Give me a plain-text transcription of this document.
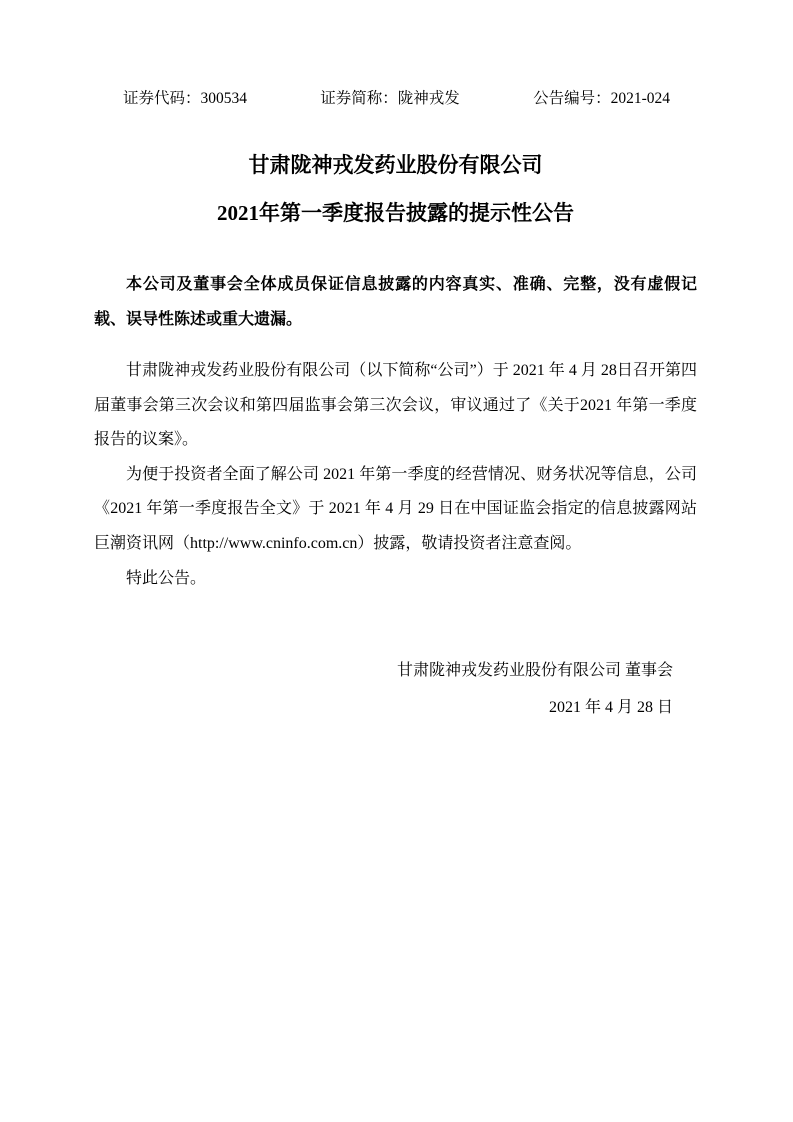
证券代码：300534	证券简称：陇神戎发	公告编号：2021-024
甘肃陇神戎发药业股份有限公司
2021年第一季度报告披露的提示性公告

本公司及董事会全体成员保证信息披露的内容真实、准确、完整，没有虚假记载、误导性陈述或重大遗漏。

甘肃陇神戎发药业股份有限公司（以下简称“公司”）于 2021 年 4 月 28日召开第四届董事会第三次会议和第四届监事会第三次会议，审议通过了《关于2021 年第一季度报告的议案》。

为便于投资者全面了解公司 2021 年第一季度的经营情况、财务状况等信息，公司《2021 年第一季度报告全文》于 2021 年 4 月 29 日在中国证监会指定的信息披露网站巨潮资讯网（http://www.cninfo.com.cn）披露，敬请投资者注意查阅。

特此公告。

甘肃陇神戎发药业股份有限公司 董事会
2021 年 4 月 28 日
